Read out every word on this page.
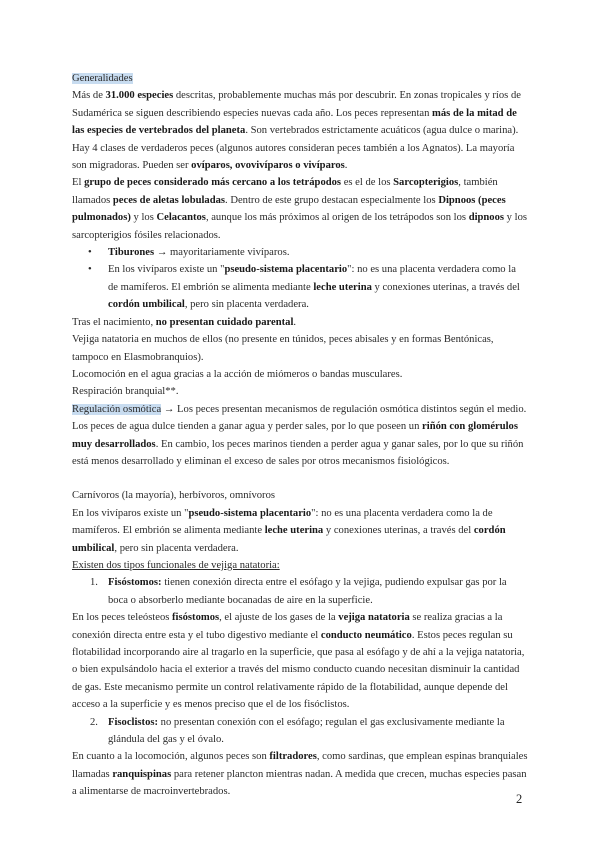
Generalidades

Más de 31.000 especies descritas, probablemente muchas más por descubrir. En zonas tropicales y ríos de Sudamérica se siguen describiendo especies nuevas cada año. Los peces representan más de la mitad de las especies de vertebrados del planeta. Son vertebrados estrictamente acuáticos (agua dulce o marina).

Hay 4 clases de verdaderos peces (algunos autores consideran peces también a los Agnatos). La mayoría son migradoras. Pueden ser ovíparos, ovovivíparos o vivíparos.

El grupo de peces considerado más cercano a los tetrápodos es el de los Sarcopterigios, también llamados peces de aletas lobuladas. Dentro de este grupo destacan especialmente los Dipnoos (peces pulmonados) y los Celacantos, aunque los más próximos al origen de los tetrápodos son los dipnoos y los sarcopterigios fósiles relacionados.

• Tiburones → mayoritariamente vivíparos.

• En los vivíparos existe un "pseudo-sistema placentario": no es una placenta verdadera como la de mamíferos. El embrión se alimenta mediante leche uterina y conexiones uterinas, a través del cordón umbilical, pero sin placenta verdadera.

Tras el nacimiento, no presentan cuidado parental.

Vejiga natatoria en muchos de ellos (no presente en túnidos, peces abisales y en formas Bentónicas, tampoco en Elasmobranquios).

Locomoción en el agua gracias a la acción de miómeros o bandas musculares.

Respiración branquial**.

Regulación osmótica → Los peces presentan mecanismos de regulación osmótica distintos según el medio. Los peces de agua dulce tienden a ganar agua y perder sales, por lo que poseen un riñón con glomérulos muy desarrollados. En cambio, los peces marinos tienden a perder agua y ganar sales, por lo que su riñón está menos desarrollado y eliminan el exceso de sales por otros mecanismos fisiológicos.

Carnívoros (la mayoría), herbívoros, omnívoros

En los vivíparos existe un "pseudo-sistema placentario": no es una placenta verdadera como la de mamíferos. El embrión se alimenta mediante leche uterina y conexiones uterinas, a través del cordón umbilical, pero sin placenta verdadera.

Existen dos tipos funcionales de vejiga natatoria:

1. Fisóstomos: tienen conexión directa entre el esófago y la vejiga, pudiendo expulsar gas por la boca o absorberlo mediante bocanadas de aire en la superficie.

En los peces teleósteos fisóstomos, el ajuste de los gases de la vejiga natatoria se realiza gracias a la conexión directa entre esta y el tubo digestivo mediante el conducto neumático. Estos peces regulan su flotabilidad incorporando aire al tragarlo en la superficie, que pasa al esófago y de ahí a la vejiga natatoria, o bien expulsándolo hacia el exterior a través del mismo conducto cuando necesitan disminuir la cantidad de gas. Este mecanismo permite un control relativamente rápido de la flotabilidad, aunque depende del acceso a la superficie y es menos preciso que el de los fisóclistos.

2. Fisoclistos: no presentan conexión con el esófago; regulan el gas exclusivamente mediante la glándula del gas y el óvalo.

En cuanto a la locomoción, algunos peces son filtradores, como sardinas, que emplean espinas branquiales llamadas ranquispinas para retener plancton mientras nadan. A medida que crecen, muchas especies pasan a alimentarse de macroinvertebrados.

2
